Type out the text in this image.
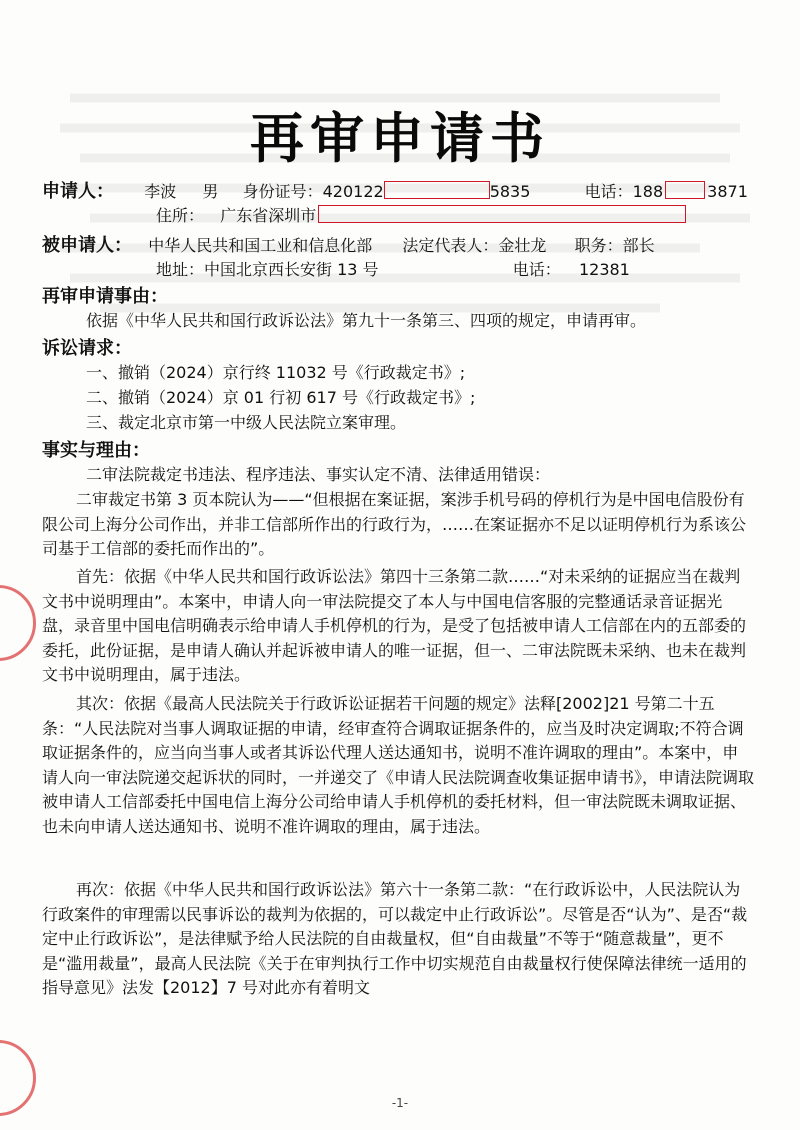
再审申请书
申请人： 李波 男 身份证号：420122	5835	电话：188	3871
住所： 广东省深圳市
被申请人： 中华人民共和国工业和信息化部 法定代表人：金壮龙 职务：部长
地址：中国北京西长安街 13 号	电话： 12381
再审申请事由：
依据《中华人民共和国行政诉讼法》第九十一条第三、四项的规定，申请再审。
诉讼请求：
一、撤销（2024）京行终 11032 号《行政裁定书》;
二、撤销（2024）京 01 行初 617 号《行政裁定书》;
三、裁定北京市第一中级人民法院立案审理。
事实与理由：
二审法院裁定书违法、程序违法、事实认定不清、法律适用错误：
二审裁定书第 3 页本院认为——“但根据在案证据，案涉手机号码的停机行为是中国电信股份有限公司上海分公司作出，并非工信部所作出的行政行为，……在案证据亦不足以证明停机行为系该公司基于工信部的委托而作出的”。
首先：依据《中华人民共和国行政诉讼法》第四十三条第二款……“对未采纳的证据应当在裁判文书中说明理由”。本案中，申请人向一审法院提交了本人与中国电信客服的完整通话录音证据光盘，录音里中国电信明确表示给申请人手机停机的行为，是受了包括被申请人工信部在内的五部委的委托，此份证据，是申请人确认并起诉被申请人的唯一证据，但一、二审法院既未采纳、也未在裁判文书中说明理由，属于违法。
其次：依据《最高人民法院关于行政诉讼证据若干问题的规定》法释[2002]21 号第二十五条：“人民法院对当事人调取证据的申请，经审查符合调取证据条件的，应当及时决定调取;不符合调取证据条件的，应当向当事人或者其诉讼代理人送达通知书，说明不准许调取的理由”。本案中，申请人向一审法院递交起诉状的同时，一并递交了《申请人民法院调查收集证据申请书》，申请法院调取被申请人工信部委托中国电信上海分公司给申请人手机停机的委托材料，但一审法院既未调取证据、也未向申请人送达通知书、说明不准许调取的理由，属于违法。
再次：依据《中华人民共和国行政诉讼法》第六十一条第二款：“在行政诉讼中，人民法院认为行政案件的审理需以民事诉讼的裁判为依据的，可以裁定中止行政诉讼”。尽管是否“认为”、是否“裁定中止行政诉讼”，是法律赋予给人民法院的自由裁量权，但“自由裁量”不等于“随意裁量”，更不是“滥用裁量”，最高人民法院《关于在审判执行工作中切实规范自由裁量权行使保障法律统一适用的指导意见》法发【2012】7 号对此亦有着明文
-1-
